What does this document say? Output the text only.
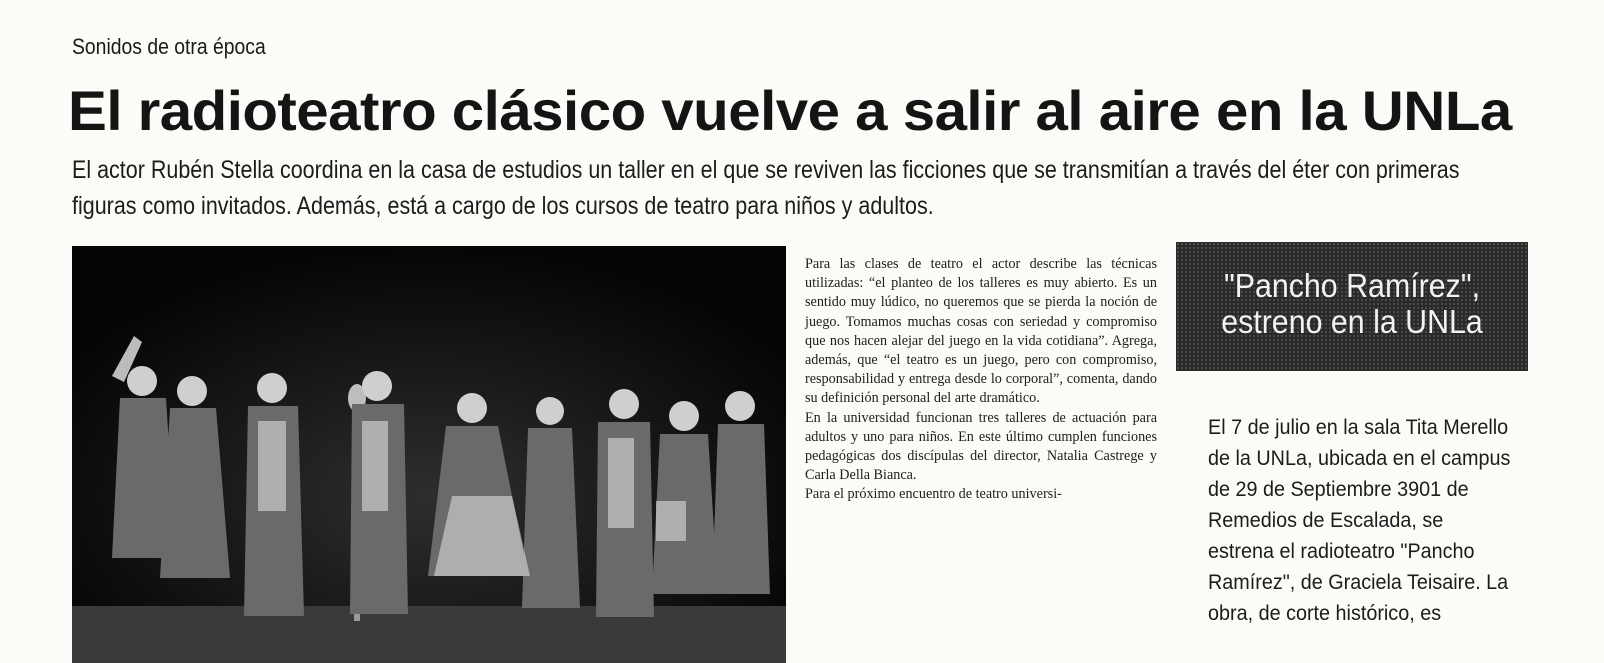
Sonidos de otra época
El radioteatro clásico vuelve a salir al aire en la UNLa
El actor Rubén Stella coordina en la casa de estudios un taller en el que se reviven las ficciones que se transmitían a través del éter con primeras figuras como invitados. Además, está a cargo de los cursos de teatro para niños y adultos.

Para las clases de teatro el actor describe las técnicas utilizadas: “el planteo de los talleres es muy abierto. Es un sentido muy lúdico, no queremos que se pierda la noción de juego. Tomamos muchas cosas con seriedad y compromiso que nos hacen alejar del juego en la vida cotidiana”. Agrega, además, que “el teatro es un juego, pero con compromiso, responsabilidad y entrega desde lo corporal”, comenta, dando su definición personal del arte dramático.

En la universidad funcionan tres talleres de actuación para adultos y uno para niños. En este último cumplen funciones pedagógicas dos discípulas del director, Natalia Castrege y Carla Della Bianca.

Para el próximo encuentro de teatro universi-

"Pancho Ramírez", estreno en la UNLa
El 7 de julio en la sala Tita Merello de la UNLa, ubicada en el campus de 29 de Septiembre 3901 de Remedios de Escalada, se estrena el radioteatro "Pancho Ramírez", de Graciela Teisaire. La obra, de corte histórico, es
